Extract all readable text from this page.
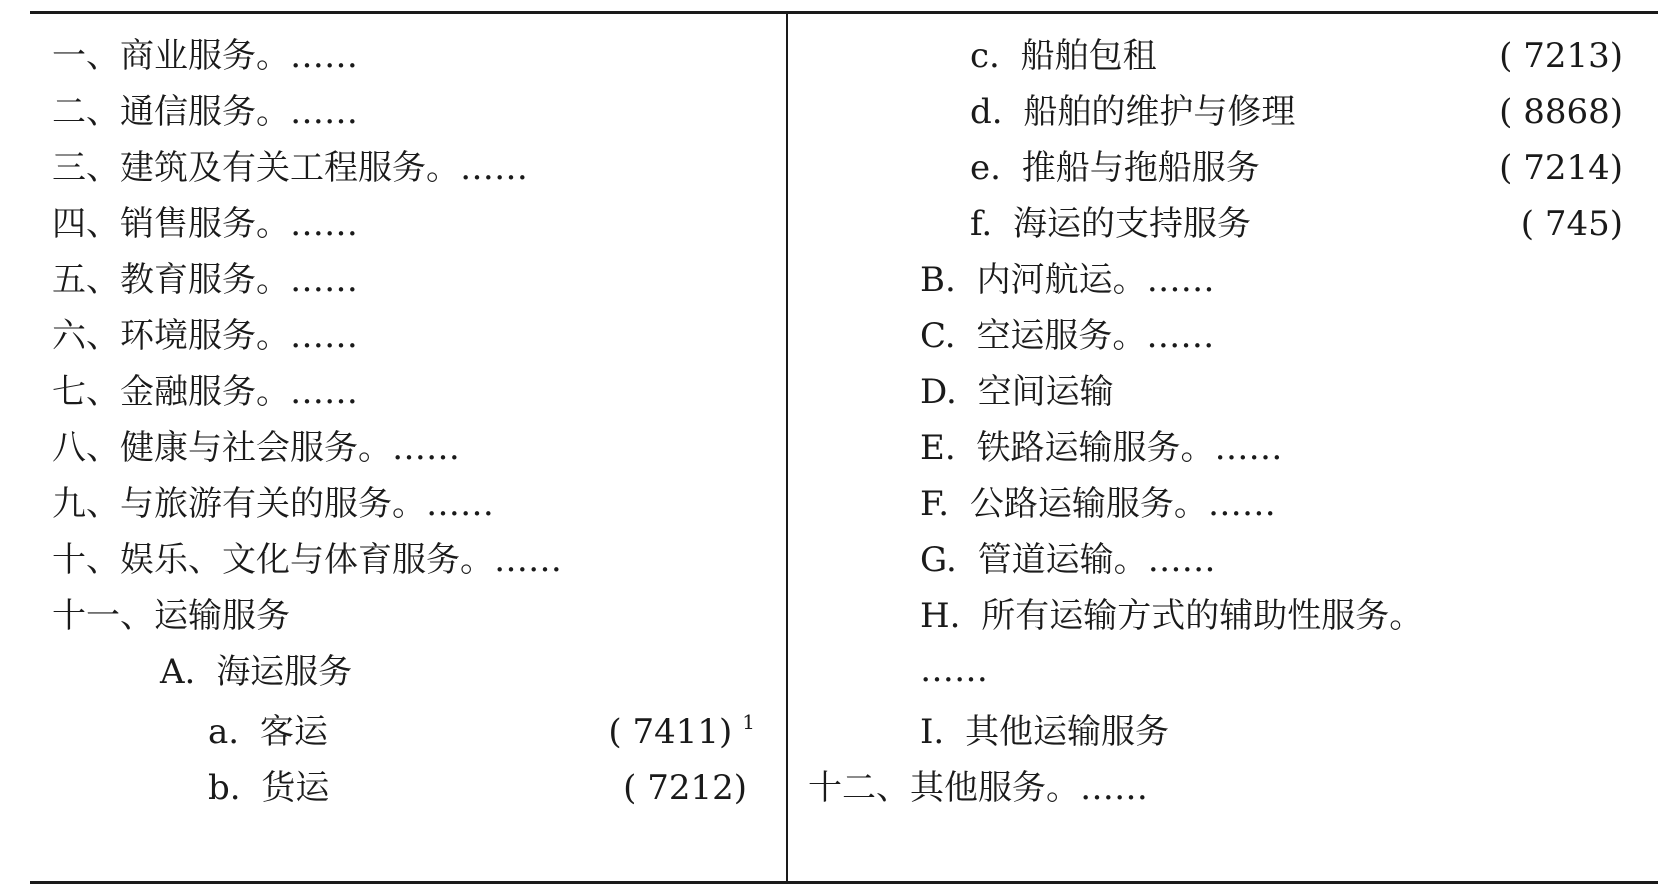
一、商业服务。……
二、通信服务。……
三、建筑及有关工程服务。……
四、销售服务。……
五、教育服务。……
六、环境服务。……
七、金融服务。……
八、健康与社会服务。……
九、与旅游有关的服务。……
十、娱乐、文化与体育服务。……
十一、运输服务
A. 海运服务
a. 客运	( 7411) $^1$
b. 货运	( 7212)
c. 船舶包租	( 7213)
d. 船舶的维护与修理	( 8868)
e. 推船与拖船服务	( 7214)
f. 海运的支持服务	( 745)
B. 内河航运。……
C. 空运服务。……
D. 空间运输
E. 铁路运输服务。……
F. 公路运输服务。……
G. 管道运输。……
H. 所有运输方式的辅助性服务。
……
I. 其他运输服务
十二、其他服务。……
